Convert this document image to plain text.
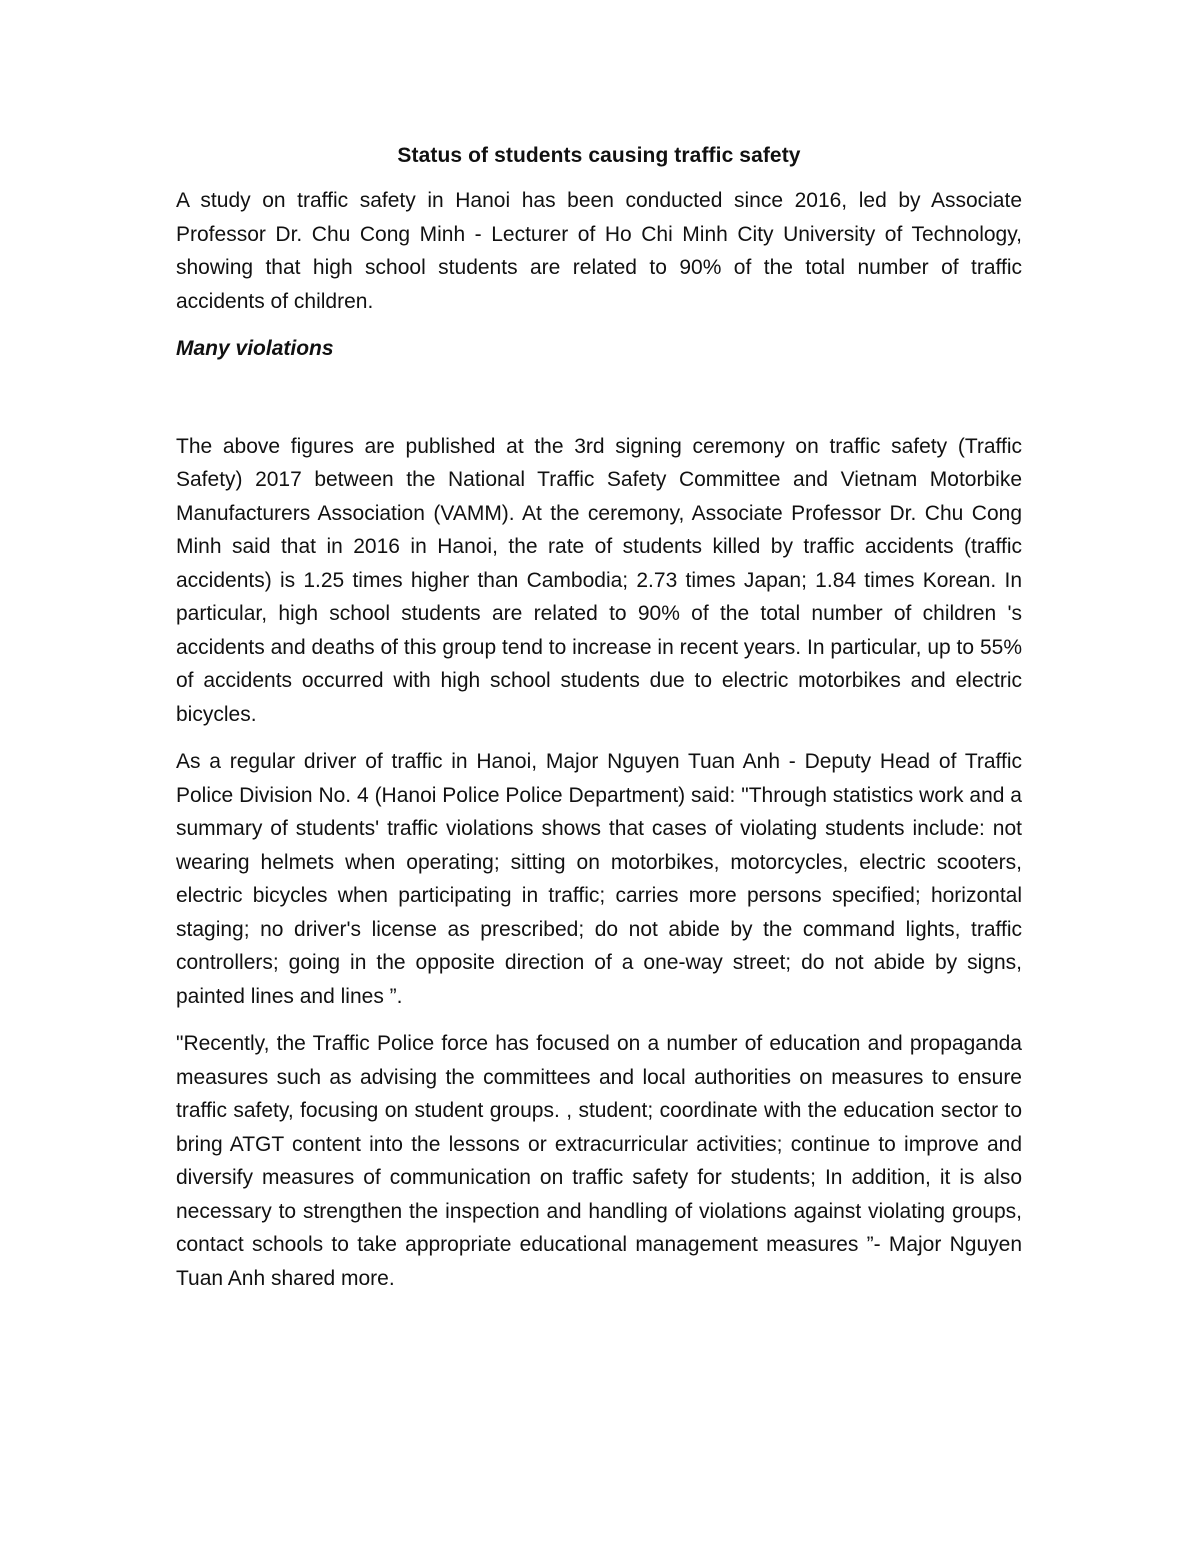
Status of students causing traffic safety

A study on traffic safety in Hanoi has been conducted since 2016, led by Associate Professor Dr. Chu Cong Minh - Lecturer of Ho Chi Minh City University of Technology, showing that high school students are related to 90% of the total number of traffic accidents of children.

Many violations

The above figures are published at the 3rd signing ceremony on traffic safety (Traffic Safety) 2017 between the National Traffic Safety Committee and Vietnam Motorbike Manufacturers Association (VAMM). At the ceremony, Associate Professor Dr. Chu Cong Minh said that in 2016 in Hanoi, the rate of students killed by traffic accidents (traffic accidents) is 1.25 times higher than Cambodia; 2.73 times Japan; 1.84 times Korean. In particular, high school students are related to 90% of the total number of children 's accidents and deaths of this group tend to increase in recent years. In particular, up to 55% of accidents occurred with high school students due to electric motorbikes and electric bicycles.

As a regular driver of traffic in Hanoi, Major Nguyen Tuan Anh - Deputy Head of Traffic Police Division No. 4 (Hanoi Police Police Department) said: "Through statistics work and a summary of students' traffic violations shows that cases of violating students include: not wearing helmets when operating; sitting on motorbikes, motorcycles, electric scooters, electric bicycles when participating in traffic; carries more persons specified; horizontal staging; no driver's license as prescribed; do not abide by the command lights, traffic controllers; going in the opposite direction of a one-way street; do not abide by signs, painted lines and lines ”.

"Recently, the Traffic Police force has focused on a number of education and propaganda measures such as advising the committees and local authorities on measures to ensure traffic safety, focusing on student groups. , student; coordinate with the education sector to bring ATGT content into the lessons or extracurricular activities; continue to improve and diversify measures of communication on traffic safety for students; In addition, it is also necessary to strengthen the inspection and handling of violations against violating groups, contact schools to take appropriate educational management measures ”- Major Nguyen Tuan Anh shared more.
